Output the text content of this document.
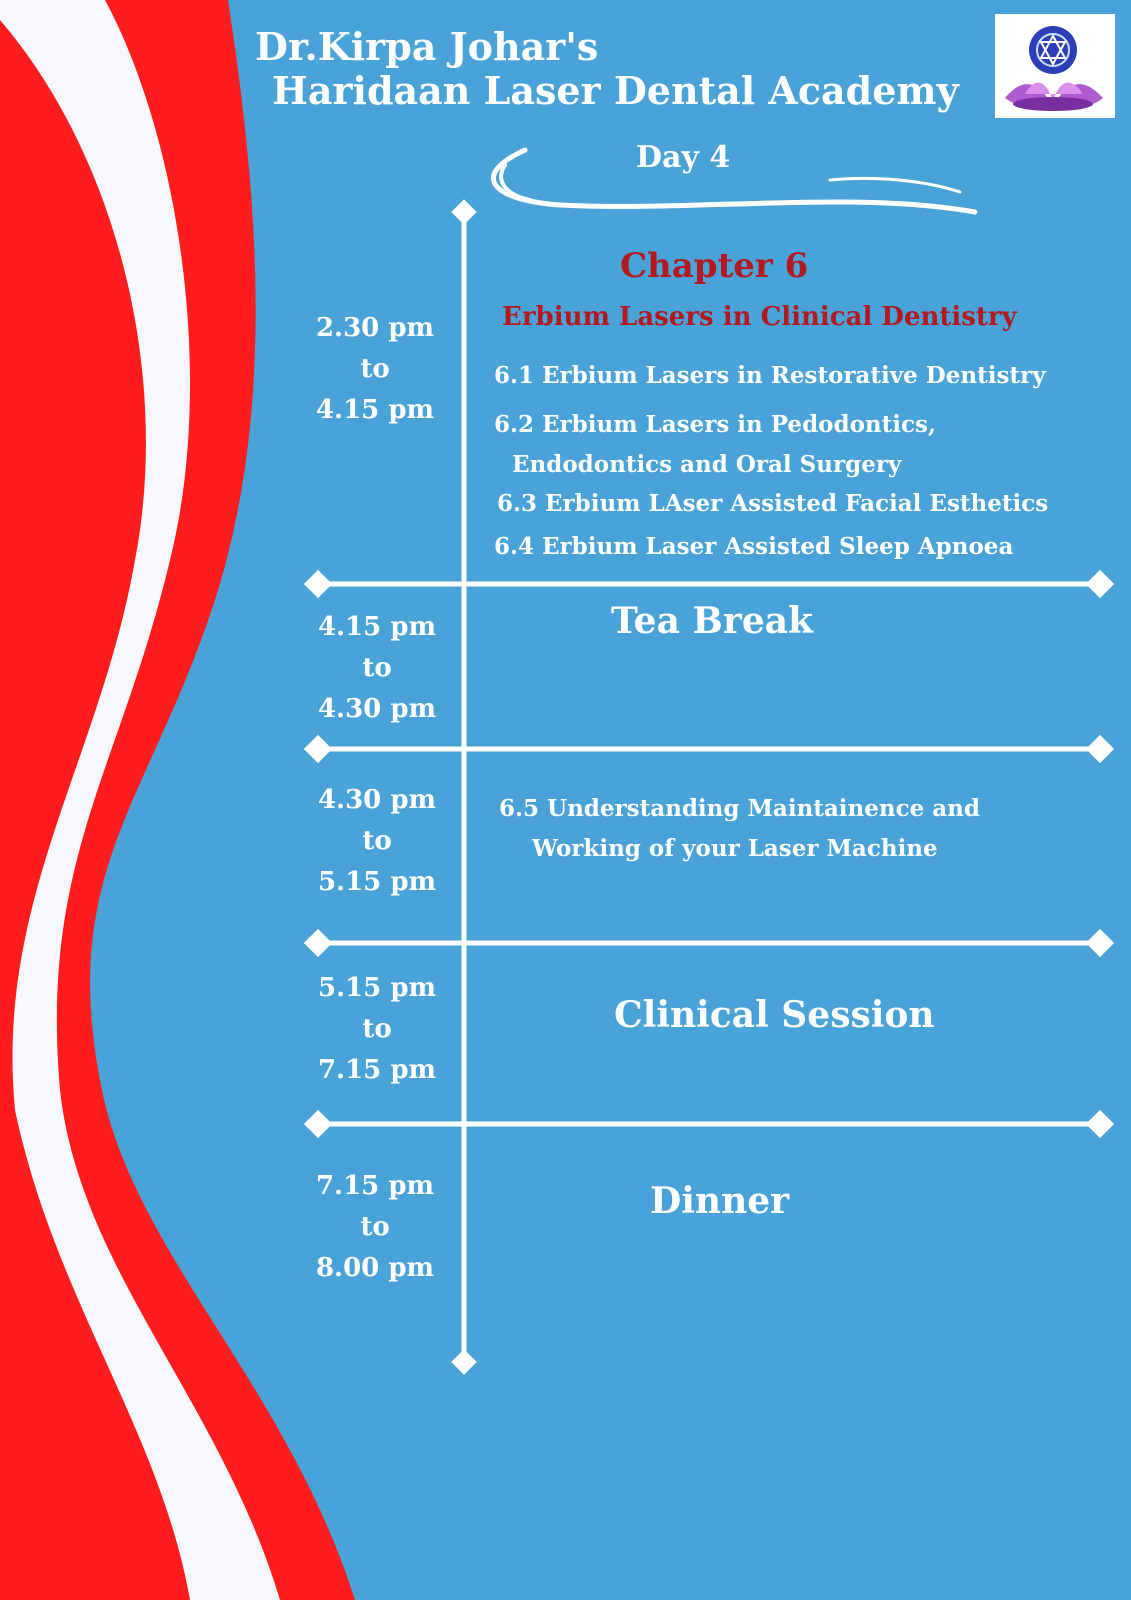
Dr.Kirpa Johar's
Haridaan Laser Dental Academy
Day 4
2.30 pm
to
4.15 pm
Chapter 6
Erbium Lasers in Clinical Dentistry
6.1 Erbium Lasers in Restorative Dentistry
6.2 Erbium Lasers in Pedodontics,
Endodontics and Oral Surgery
6.3 Erbium LAser Assisted Facial Esthetics
6.4 Erbium Laser Assisted Sleep Apnoea
4.15 pm
to
4.30 pm
Tea Break
4.30 pm
to
5.15 pm
6.5 Understanding Maintainence and
Working of your Laser Machine
5.15 pm
to
7.15 pm
Clinical Session
7.15 pm
to
8.00 pm
Dinner
